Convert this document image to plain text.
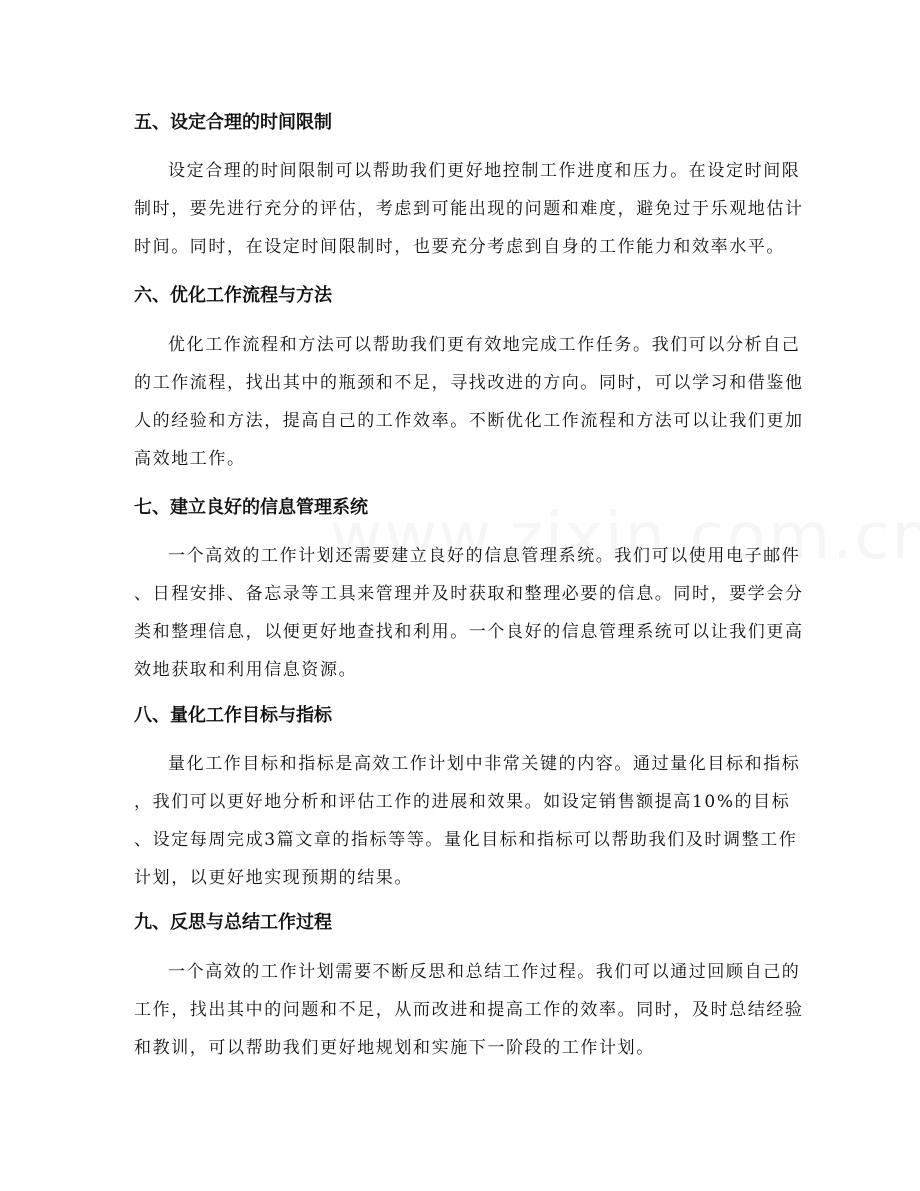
五、设定合理的时间限制
设定合理的时间限制可以帮助我们更好地控制工作进度和压力。在设定时间限
制时，要先进行充分的评估，考虑到可能出现的问题和难度，避免过于乐观地估计
时间。同时，在设定时间限制时，也要充分考虑到自身的工作能力和效率水平。
六、优化工作流程与方法
优化工作流程和方法可以帮助我们更有效地完成工作任务。我们可以分析自己
的工作流程，找出其中的瓶颈和不足，寻找改进的方向。同时，可以学习和借鉴他
人的经验和方法，提高自己的工作效率。不断优化工作流程和方法可以让我们更加
高效地工作。
七、建立良好的信息管理系统
一个高效的工作计划还需要建立良好的信息管理系统。我们可以使用电子邮件
、日程安排、备忘录等工具来管理并及时获取和整理必要的信息。同时，要学会分
类和整理信息，以便更好地查找和利用。一个良好的信息管理系统可以让我们更高
效地获取和利用信息资源。
八、量化工作目标与指标
量化工作目标和指标是高效工作计划中非常关键的内容。通过量化目标和指标
，我们可以更好地分析和评估工作的进展和效果。如设定销售额提高10%的目标
、设定每周完成3篇文章的指标等等。量化目标和指标可以帮助我们及时调整工作
计划，以更好地实现预期的结果。
九、反思与总结工作过程
一个高效的工作计划需要不断反思和总结工作过程。我们可以通过回顾自己的
工作，找出其中的问题和不足，从而改进和提高工作的效率。同时，及时总结经验
和教训，可以帮助我们更好地规划和实施下一阶段的工作计划。
